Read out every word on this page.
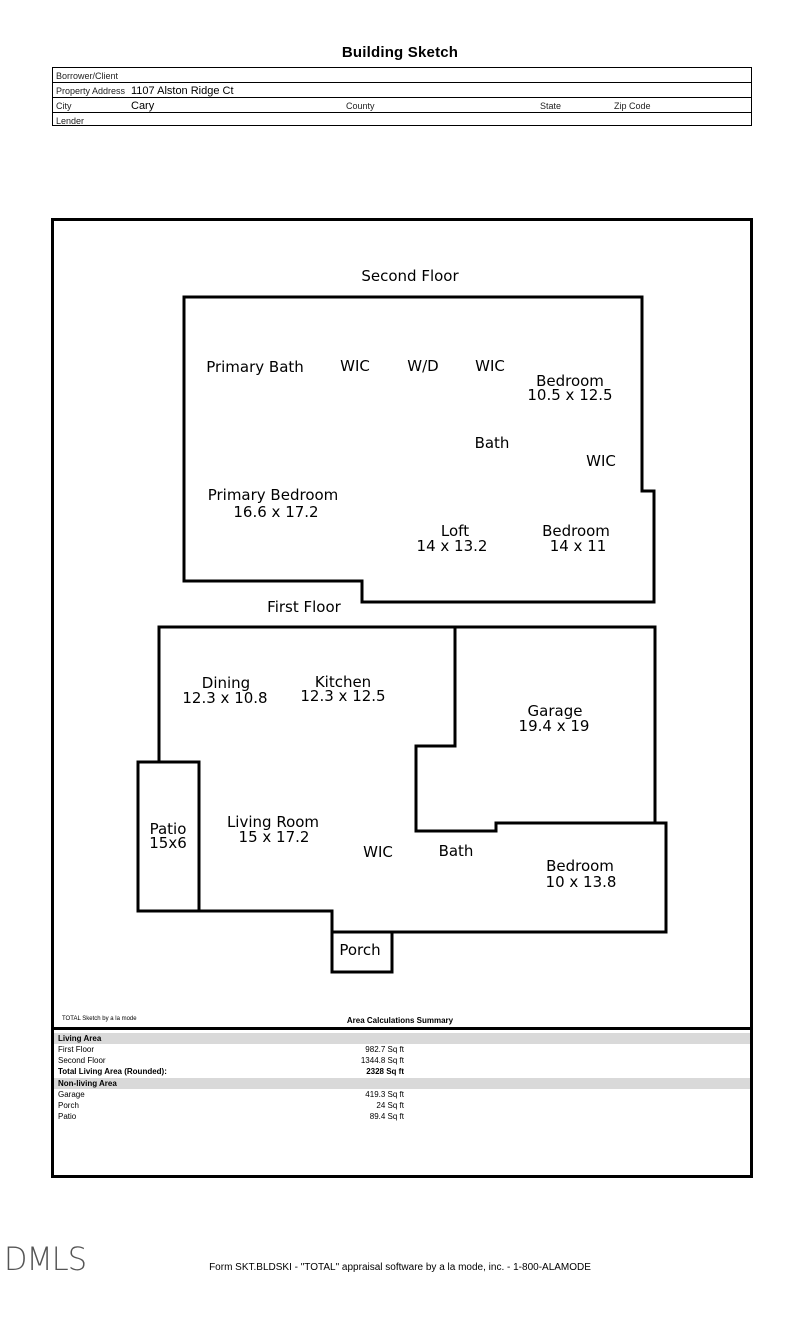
Building Sketch
Borrower/Client
Property Address 1107 Alston Ridge Ct
City	Cary	County	State	Zip Code
Lender
Second Floor
Primary Bath WIC W/D WIC
Bedroom
10.5 x 12.5
Bath
WIC
Primary Bedroom
16.6 x 17.2
Loft
14 x 13.2
Bedroom
14 x 11
First Floor
Dining
12.3 x 10.8
Kitchen
12.3 x 12.5
Garage
19.4 x 19
Patio
15x6
Living Room
15 x 17.2
WIC	Bath
Bedroom
10 x 13.8
Porch
TOTAL Sketch by a la mode	Area Calculations Summary
Living Area
First Floor	982.7 Sq ft
Second Floor	1344.8 Sq ft
Total Living Area (Rounded):	2328 Sq ft
Non-living Area
Garage	419.3 Sq ft
Porch	24 Sq ft
Patio	89.4 Sq ft
DMLS	Form SKT.BLDSKI - "TOTAL" appraisal software by a la mode, inc. - 1-800-ALAMODE
